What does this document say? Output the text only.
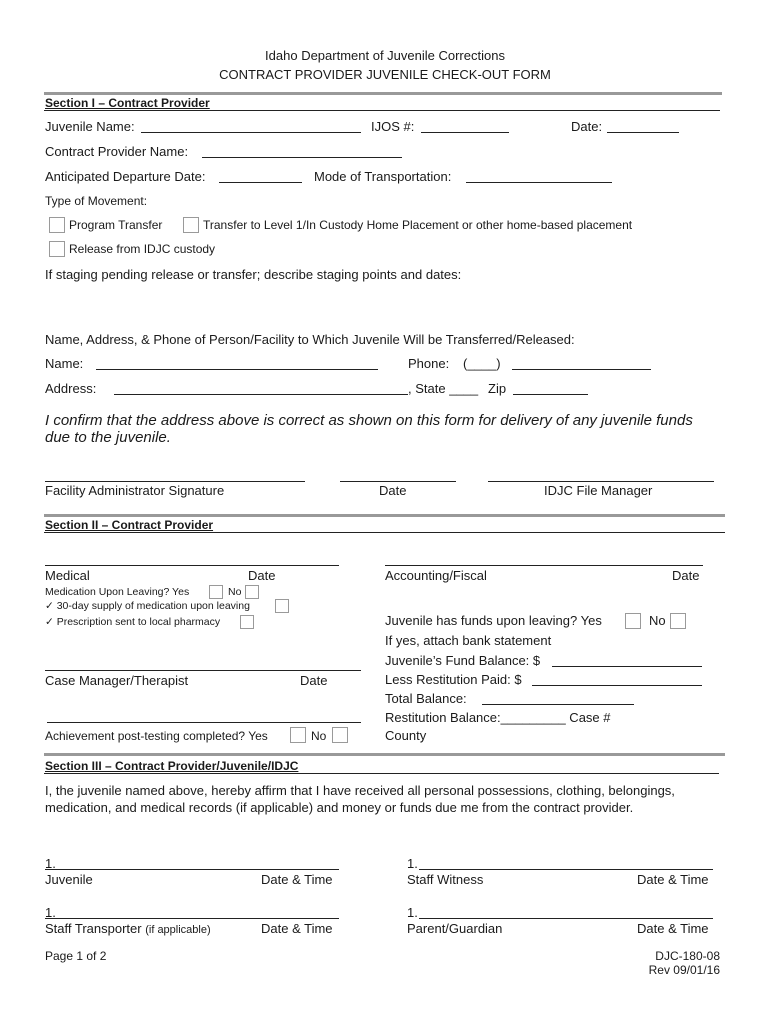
Idaho Department of Juvenile Corrections
CONTRACT PROVIDER JUVENILE CHECK-OUT FORM
Section I – Contract Provider
Juvenile Name:	IJOS #:	Date:
Contract Provider Name:
Anticipated Departure Date:	Mode of Transportation:
Type of Movement:
Program Transfer	Transfer to Level 1/In Custody Home Placement or other home-based placement
Release from IDJC custody
If staging pending release or transfer; describe staging points and dates:
Name, Address, & Phone of Person/Facility to Which Juvenile Will be Transferred/Released:
Name:	Phone: (____)
Address:	, State ____ Zip
I confirm that the address above is correct as shown on this form for delivery of any juvenile funds
due to the juvenile.
Facility Administrator Signature	Date	IDJC File Manager
Section II – Contract Provider
Medical	Date
Medication Upon Leaving? Yes	No
✓ 30-day supply of medication upon leaving
✓ Prescription sent to local pharmacy
Case Manager/Therapist	Date
Achievement post-testing completed? Yes	No
Accounting/Fiscal	Date
Juvenile has funds upon leaving? Yes	No
If yes, attach bank statement
Juvenile’s Fund Balance: $
Less Restitution Paid: $
Total Balance:
Restitution Balance:_________ Case #
County
Section III – Contract Provider/Juvenile/IDJC
I, the juvenile named above, hereby affirm that I have received all personal possessions, clothing, belongings,
medication, and medical records (if applicable) and money or funds due me from the contract provider.
1.
Juvenile	Date & Time
1.
Staff Witness	Date & Time
1.
Staff Transporter (if applicable)	Date & Time
1.
Parent/Guardian	Date & Time
Page 1 of 2	DJC-180-08
Rev 09/01/16
